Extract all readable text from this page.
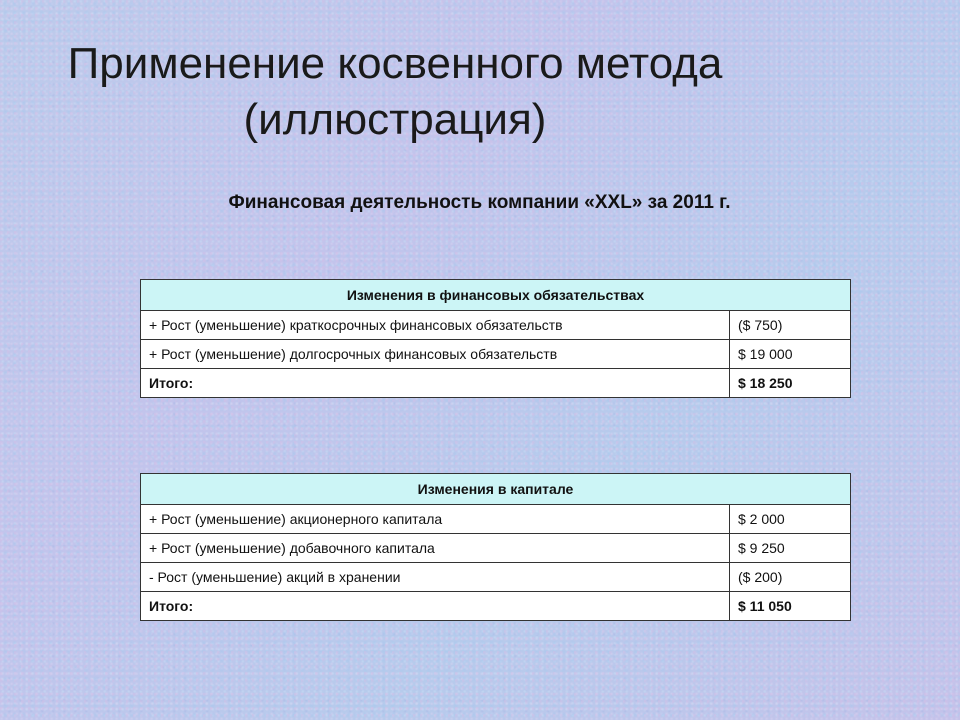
Применение косвенного метода
(иллюстрация)
Финансовая деятельность компании «XXL» за 2011 г.
Изменения в финансовых обязательствах	
+ Рост (уменьшение) краткосрочных финансовых обязательств	($ 750)
+ Рост (уменьшение) долгосрочных финансовых обязательств	$ 19 000
Итого:	$ 18 250
Изменения в капитале	
+ Рост (уменьшение) акционерного капитала	$ 2 000
+ Рост (уменьшение) добавочного капитала	$ 9 250
- Рост (уменьшение) акций в хранении	($ 200)
Итого:	$ 11 050
